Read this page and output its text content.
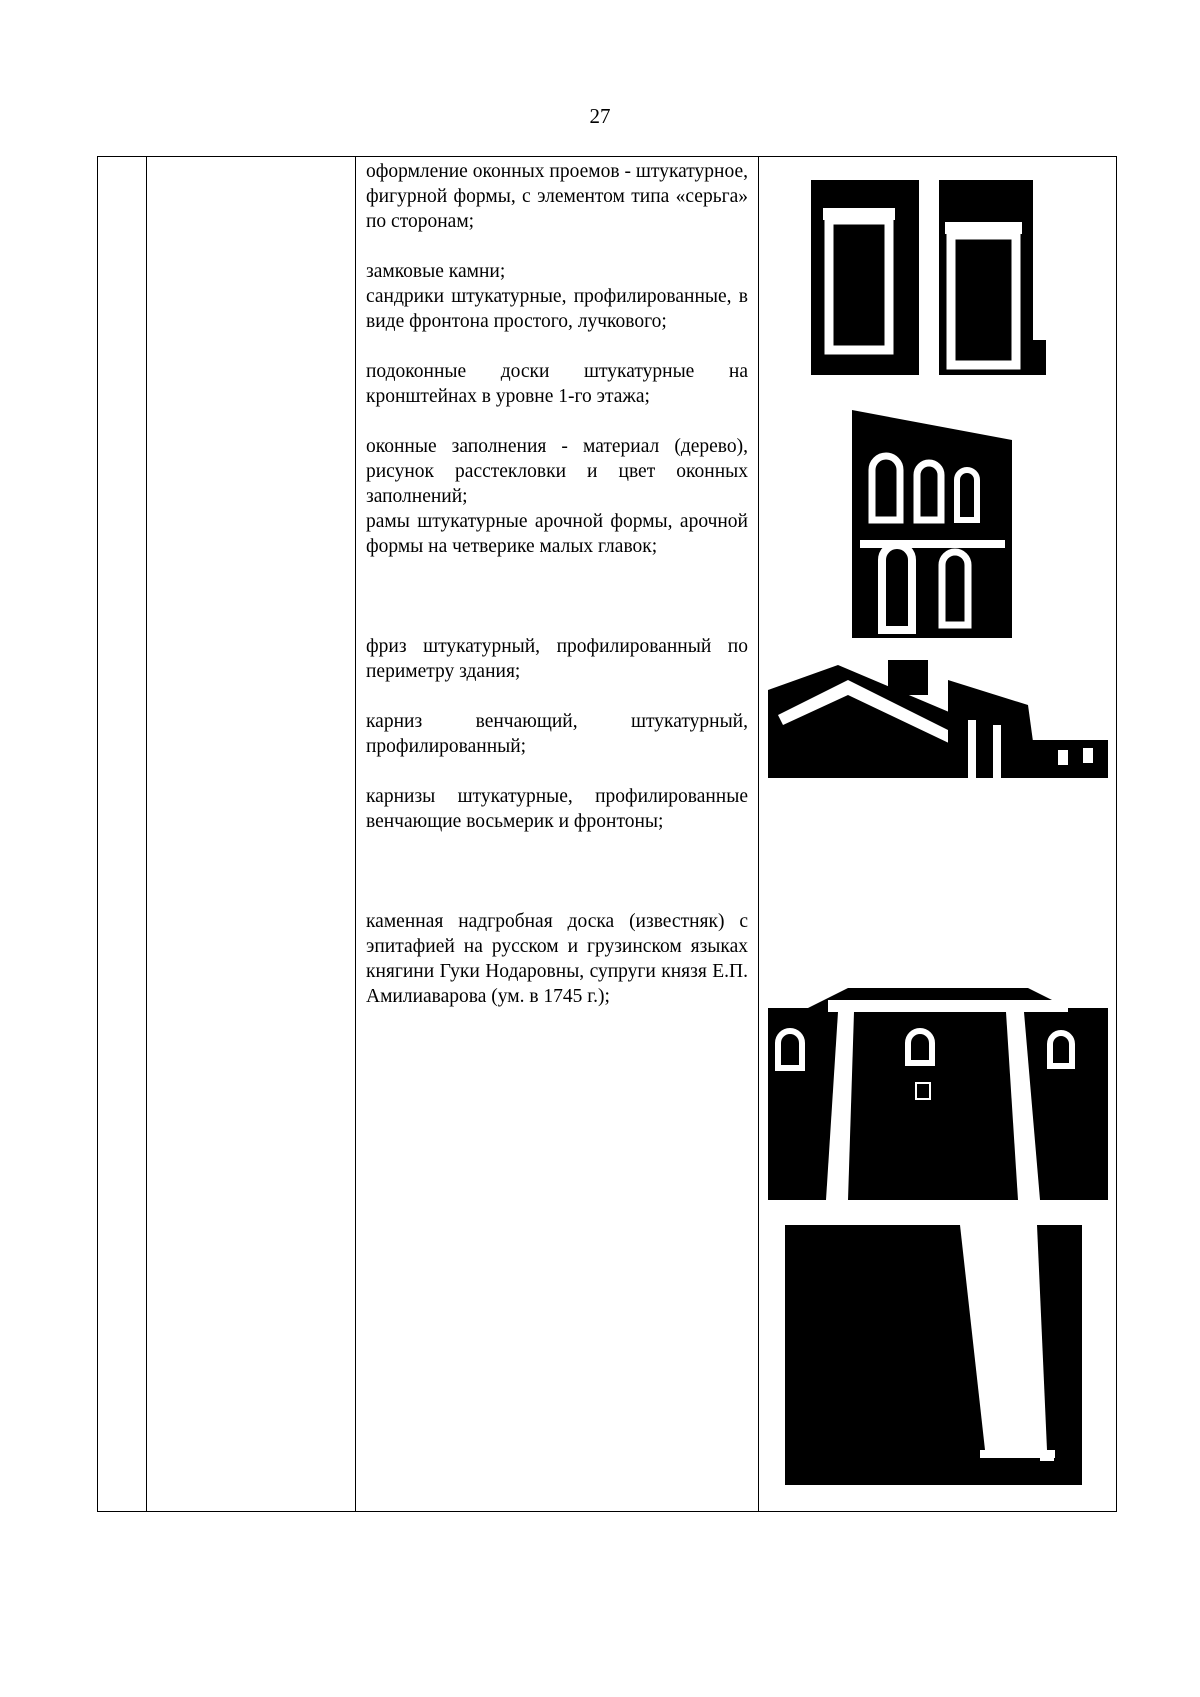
27

оформление оконных проемов - штукатурное, фигурной формы, с элементом типа «серьга» по сторонам;

замковые камни;

сандрики штукатурные, профилированные, в виде фронтона простого, лучкового;

подоконные доски штукатурные на кронштейнах в уровне 1-го этажа;

оконные заполнения - материал (дерево), рисунок расстекловки и цвет оконных заполнений;

рамы штукатурные арочной формы, арочной формы на четверике малых главок;

фриз штукатурный, профилированный по периметру здания;

карниз венчающий, штукатурный, профилированный;

карнизы штукатурные, профилированные венчающие восьмерик и фронтоны;

каменная надгробная доска (известняк) с эпитафией на русском и грузинском языках княгини Гуки Нодаровны, супруги князя Е.П. Амилиаварова (ум. в 1745 г.);
